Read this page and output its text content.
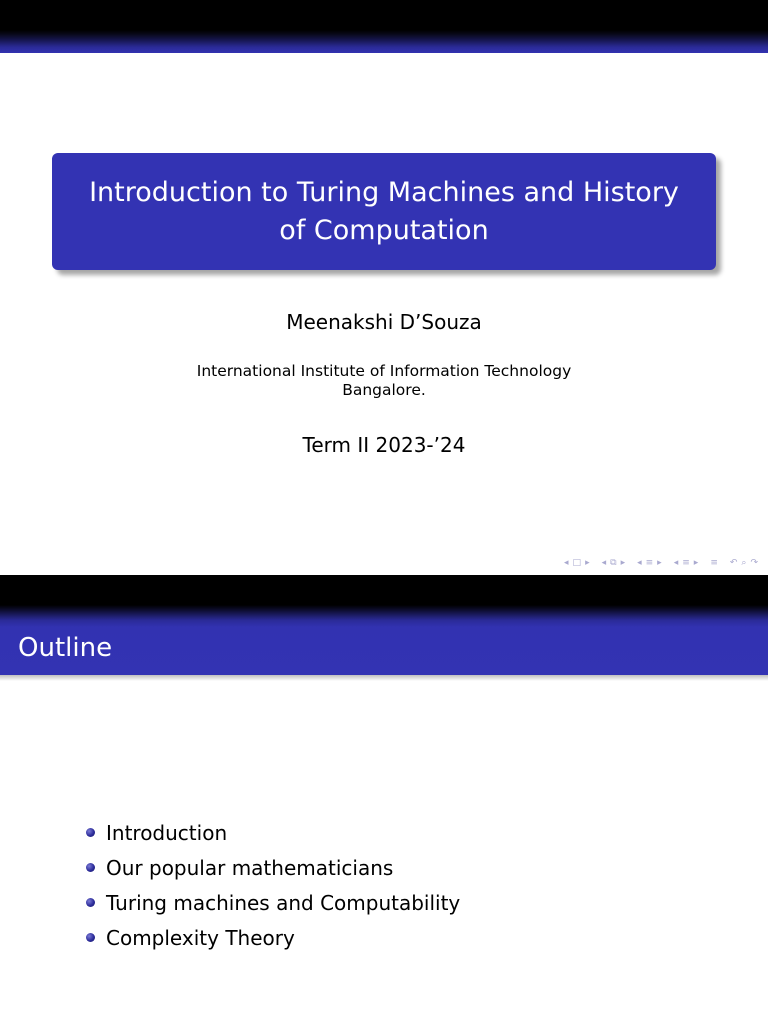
Introduction to Turing Machines and History of Computation
Meenakshi D’Souza
International Institute of Information Technology
Bangalore.
Term II 2023-’24
◂ □ ▸ ◂ ⧉ ▸ ◂ ≡ ▸ ◂ ≡ ▸ ≡ ↶ ⌕ ↷
Outline
Introduction
Our popular mathematicians
Turing machines and Computability
Complexity Theory
